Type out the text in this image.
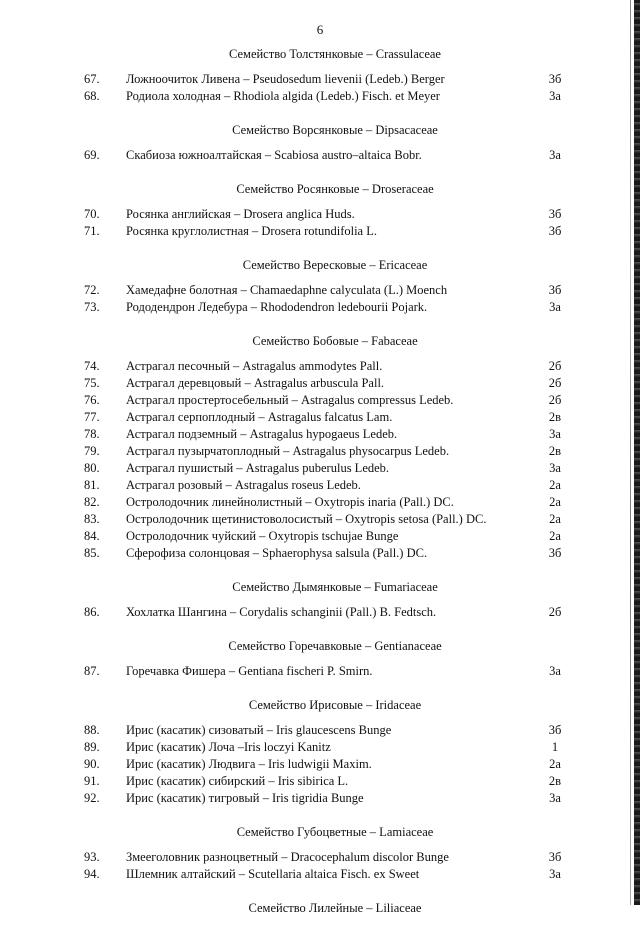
6
Семейство Толстянковые – Crassulaceae
67. Ложноочиток Ливена – Pseudosedum lievenii (Ledeb.) Berger	3б
68. Родиола холодная – Rhodiola algida (Ledeb.) Fisch. et Meyer	3а
Семейство Ворсянковые – Dipsacaceae
69. Скабиоза южноалтайская – Scabiosa austro–altaica Bobr.	3а
Семейство Росянковые – Droseraceae
70. Росянка английская – Drosera anglica Huds.	3б
71. Росянка круглолистная – Drosera rotundifolia L.	3б
Семейство Вересковые – Ericaceae
72. Хамедафне болотная – Chamaedaphne calyculata (L.) Moench	3б
73. Рододендрон Ледебура – Rhododendron ledebourii Pojark.	3а
Семейство Бобовые – Fabaceae
74. Астрагал песочный – Astragalus ammodytes Pall.	2б
75. Астрагал деревцовый – Astragalus arbuscula Pall.	2б
76. Астрагал простертосебельный – Astragalus compressus Ledeb.	2б
77. Астрагал серпоплодный – Astragalus falcatus Lam.	2в
78. Астрагал подземный – Astragalus hypogaeus Ledeb.	3а
79. Астрагал пузырчатоплодный – Astragalus physocarpus Ledeb.	2в
80. Астрагал пушистый – Astragalus puberulus Ledeb.	3а
81. Астрагал розовый – Astragalus roseus Ledeb.	2а
82. Остролодочник линейнолистный – Oxytropis inaria (Pall.) DC.	2а
83. Остролодочник щетинистоволосистый – Oxytropis setosa (Pall.) DC.	2а
84. Остролодочник чуйский – Oxytropis tschujae Bunge	2а
85. Сферофиза солонцовая – Sphaerophysa salsula (Pall.) DC.	3б
Семейство Дымянковые – Fumariaceae
86. Хохлатка Шангина – Corydalis schanginii (Pall.) B. Fedtsch.	2б
Семейство Горечавковые – Gentianaceae
87. Горечавка Фишера – Gentiana fischeri P. Smirn.	3а
Семейство Ирисовые – Iridaceae
88. Ирис (касатик) сизоватый – Iris glaucescens Bunge	3б
89. Ирис (касатик) Лоча –Iris loczyi Kanitz	1
90. Ирис (касатик) Людвига – Iris ludwigii Maxim.	2а
91. Ирис (касатик) сибирский – Iris sibirica L.	2в
92. Ирис (касатик) тигровый – Iris tigridia Bunge	3а
Семейство Губоцветные – Lamiaceae
93. Змееголовник разноцветный – Dracocephalum discolor Bunge	3б
94. Шлемник алтайский – Scutellaria altaica Fisch. ex Sweet	3а
Семейство Лилейные – Liliaceae
